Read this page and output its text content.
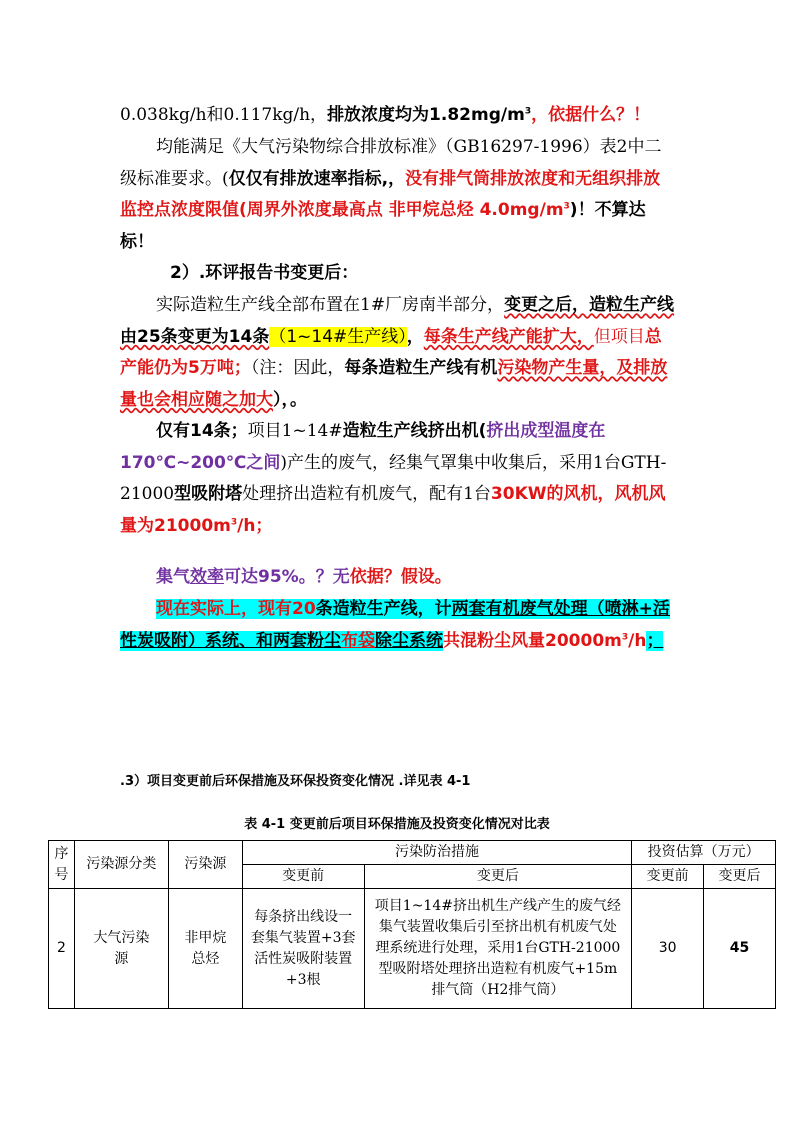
0.038kg/h和0.117kg/h，排放浓度均为$1.82mg/m^3$，依据什么？！

均能满足《大气污染物综合排放标准》（GB16297-1996）表2中二级标准要求。(仅仅有排放速率指标,，没有排气筒排放浓度和无组织排放监控点浓度限值(周界外浓度最高点 非甲烷总烃 $4.0mg/m^3$)！不算达标！

2）.环评报告书变更后：

实际造粒生产线全部布置在1#厂房南半部分，变更之后，造粒生产线由25条变更为14条（1~14#生产线），每条生产线产能扩大，但项目总产能仍为5万吨；（注：因此，每条造粒生产线有机污染物产生量，及排放量也会相应随之加大），。

仅有14条；项目1~14#造粒生产线挤出机(挤出成型温度在170℃~200℃之间)产生的废气，经集气罩集中收集后，采用1台GTH-21000型吸附塔处理挤出造粒有机废气，配有1台30KW的风机，风机风量为$21000m^3/h$；

集气效率可达95%。？无依据？假设。

现在实际上，现有20条造粒生产线，计两套有机废气处理（喷淋+活性炭吸附）系统、和两套粉尘布袋除尘系统共混粉尘风量$20000m^3/h$；

.3）项目变更前后环保措施及环保投资变化情况 .详见表 4-1
表 4-1 变更前后项目环保措施及投资变化情况对比表
序号	污染源分类	污染源	污染防治措施		投资估算（万元）	
			变更前	变更后	变更前	变更后
2	大气污染源	非甲烷总烃	每条挤出线设一套集气装置+3套活性炭吸附装置+3根	项目1~14#挤出机生产线产生的废气经集气装置收集后引至挤出机有机废气处理系统进行处理，采用1台GTH-21000型吸附塔处理挤出造粒有机废气+15m排气筒（H2排气筒）	30	45
